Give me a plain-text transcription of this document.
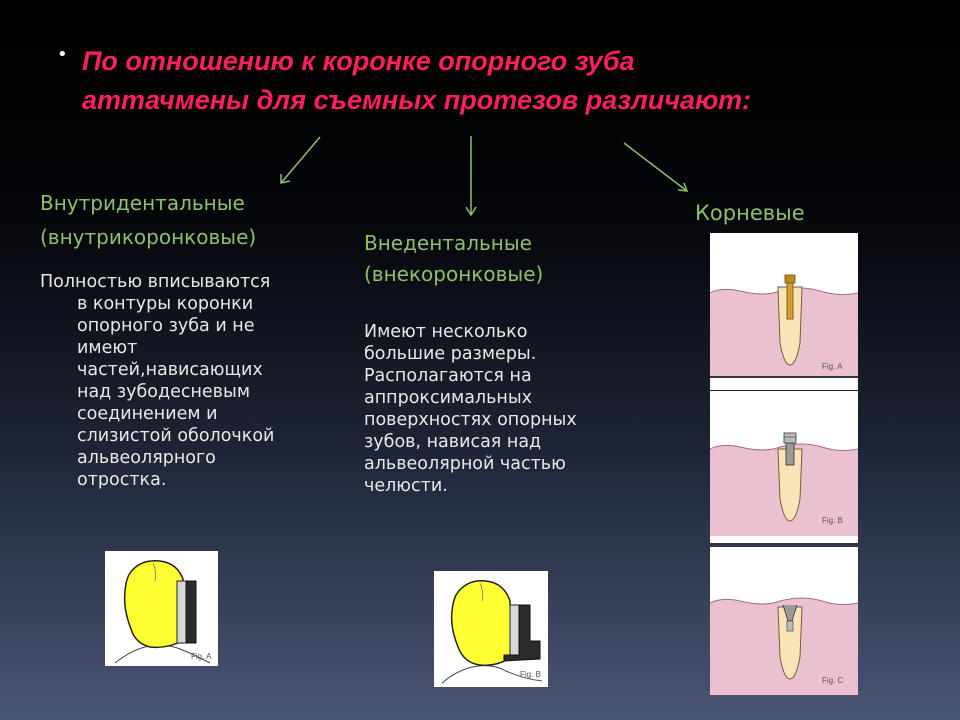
• По отношению к коронке опорного зуба
аттачмены для съемных протезов различают:

Внутридентальные
(внутрикоронковые)
Полностью вписываются
в контуры коронки
опорного зуба и не
имеют
частей,нависающих
над зубодесневым
соединением и
слизистой оболочкой
альвеолярного
отростка.
Fig. A
Внедентальные
(внекоронковые)
Имеют несколько
большие размеры.
Располагаются на
аппроксимальных
поверхностях опорных
зубов, нависая над
альвеолярной частью
челюсти.
Fig. B
Корневые
Fig. A
Fig. B
Fig. C
